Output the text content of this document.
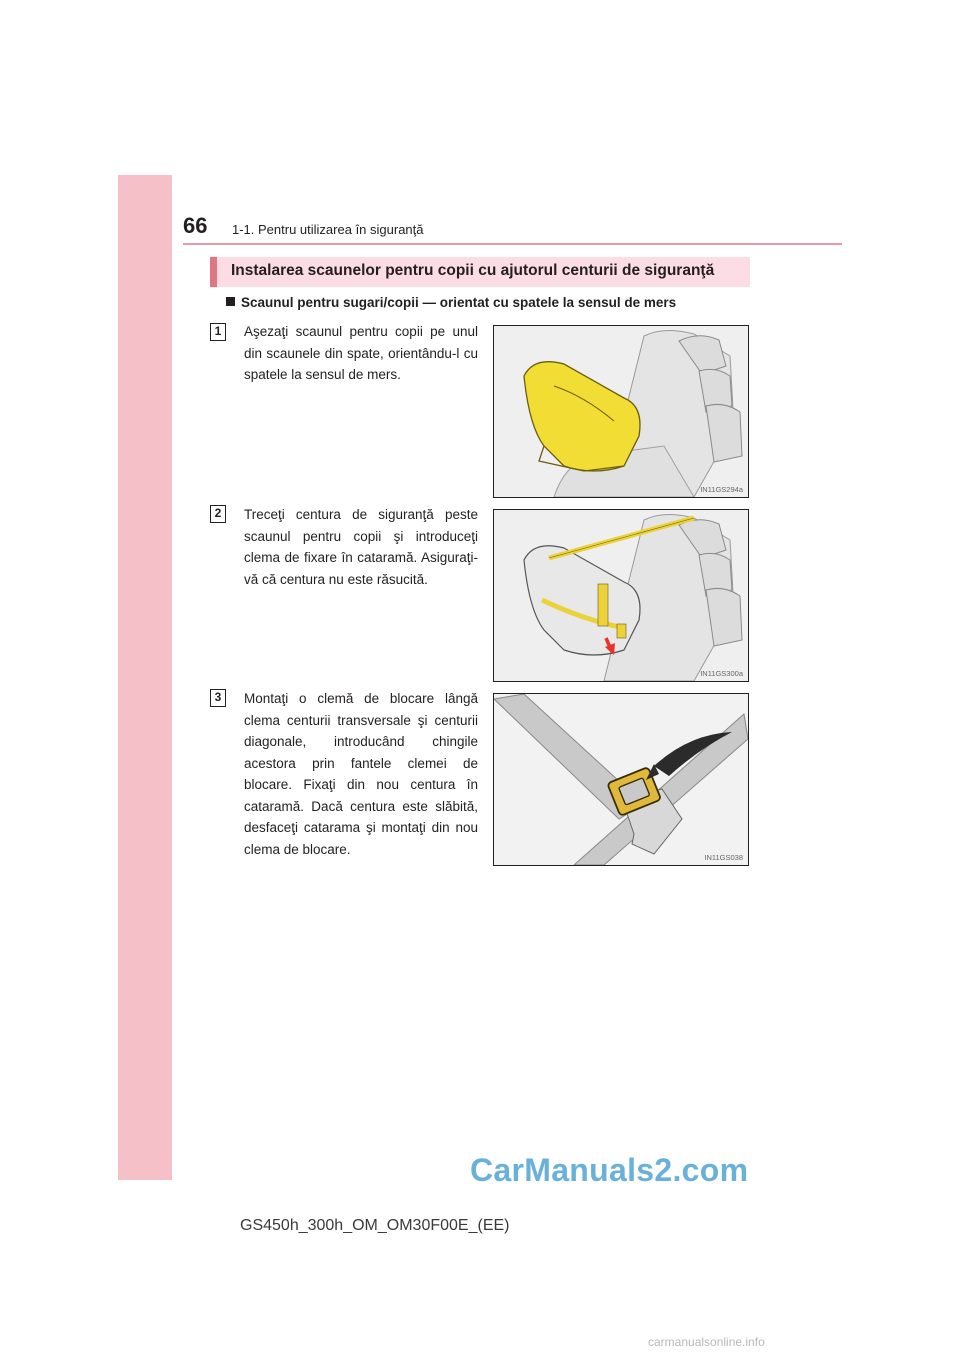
66 1-1. Pentru utilizarea în siguranţă
Instalarea scaunelor pentru copii cu ajutorul centurii de siguranţă
Scaunul pentru sugari/copii — orientat cu spatele la sensul de mers
1	Aşezaţi scaunul pentru copii pe unul din scaunele din spate, orientându-l cu spatele la sensul de mers.
IN11GS294a
2	Treceţi centura de siguranţă peste scaunul pentru copii şi introduceţi clema de fixare în cataramă. Asiguraţi-vă că centura nu este răsucită.
IN11GS300a
3	Montaţi o clemă de blocare lângă clema centurii transversale şi centurii diagonale, introducând chingile acestora prin fantele clemei de blocare. Fixaţi din nou centura în cataramă. Dacă centura este slăbită, desfaceţi catarama şi montaţi din nou clema de blocare.
IN11GS038
CarManuals2.com
GS450h_300h_OM_OM30F00E_(EE)
carmanualsonline.info
